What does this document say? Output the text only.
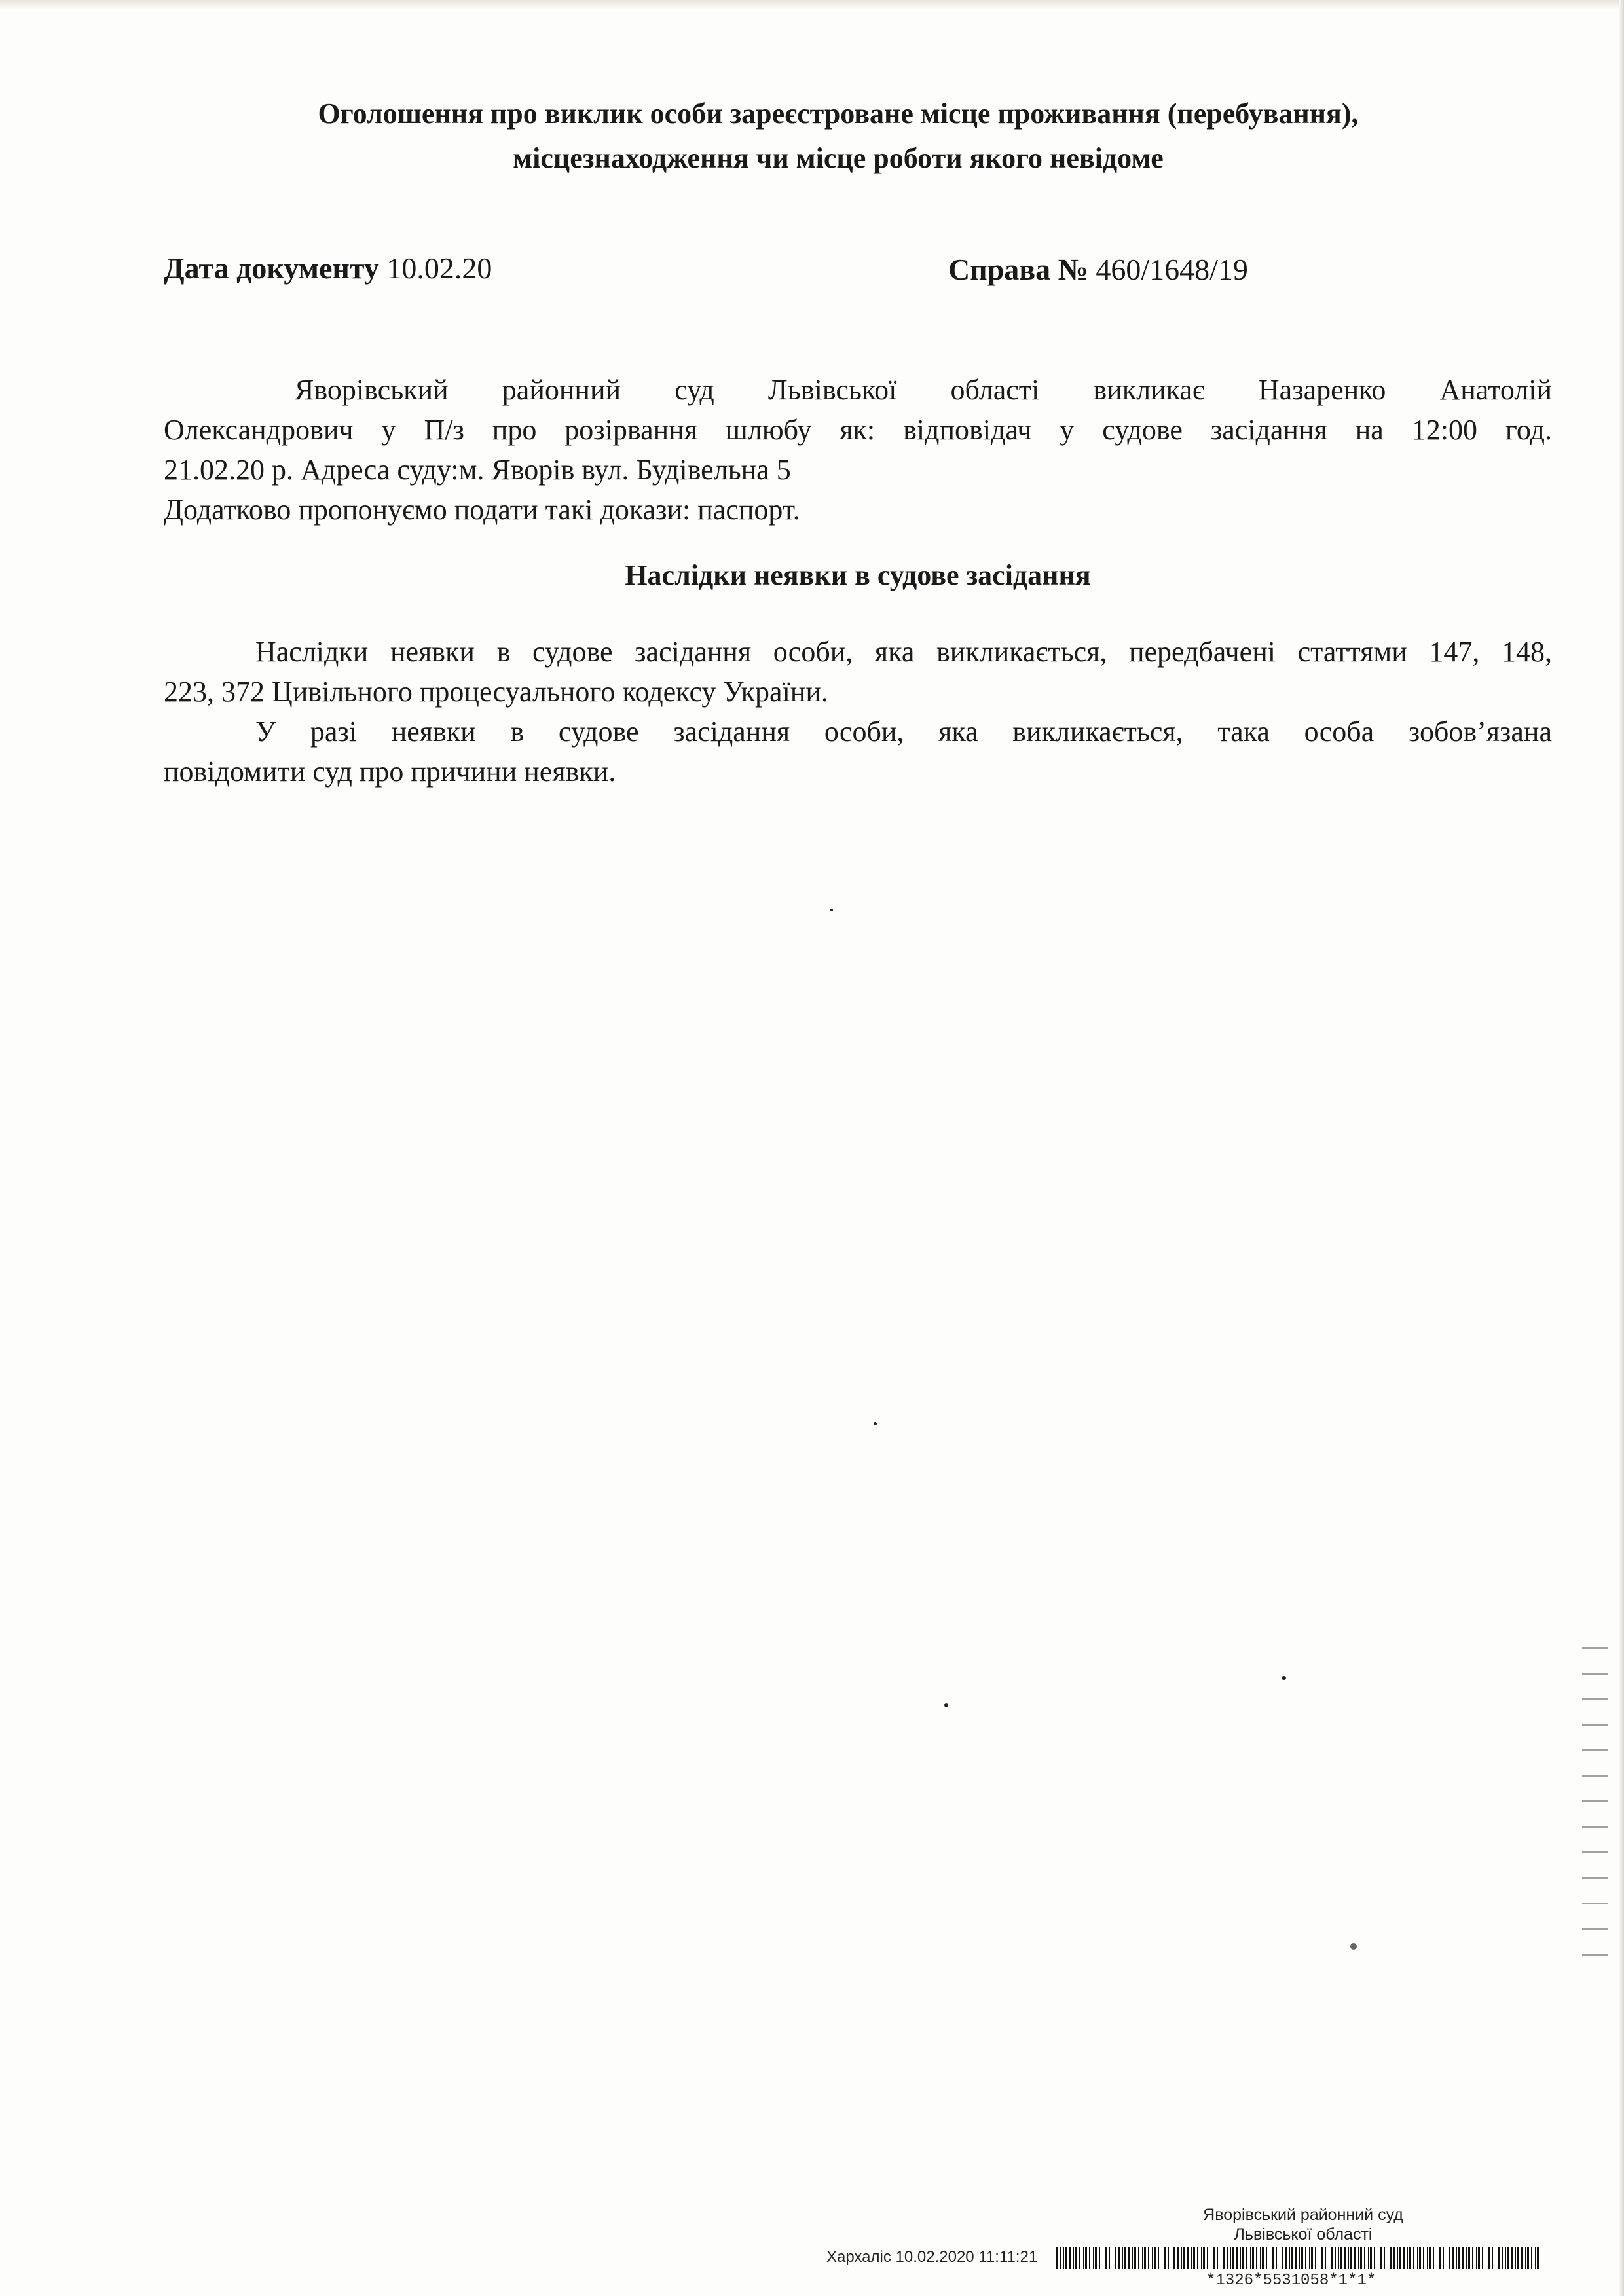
Оголошення про виклик особи зареєстроване місце проживання (перебування),
місцезнаходження чи місце роботи якого невідоме
Дата документу 10.02.20	Справа № 460/1648/19
Яворівський районний суд Львівської області викликає Назаренко Анатолій
Олександрович у П/з про розірвання шлюбу як: відповідач у судове засідання на 12:00 год.
21.02.20 р. Адреса суду:м. Яворів вул. Будівельна 5
Додатково пропонуємо подати такі докази: паспорт.
Наслідки неявки в судове засідання
Наслідки неявки в судове засідання особи, яка викликається, передбачені статтями 147, 148,
223, 372 Цивільного процесуального кодексу України.
У разі неявки в судове засідання особи, яка викликається, така особа зобов’язана
повідомити суд про причини неявки.
Яворівський районний суд
Львівської області
Хархаліс 10.02.2020 11:11:21
*1326*5531058*1*1*
